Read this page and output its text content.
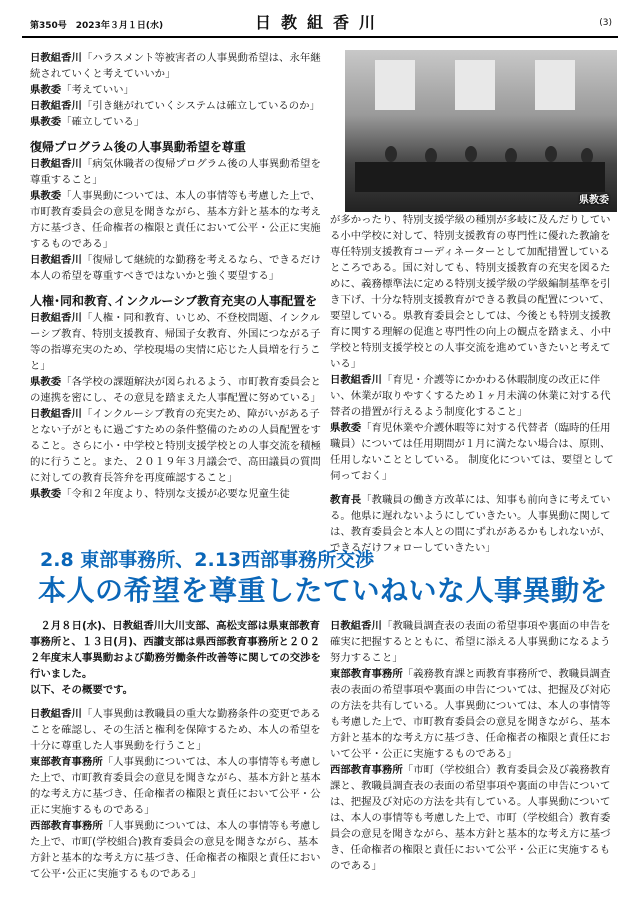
第350号　2023年３月１日(水)	日教組香川	(3)

日教組香川「ハラスメント等被害者の人事異動希望は、永年継続されていくと考えていいか」

県教委「考えていい」

日教組香川「引き継がれていくシステムは確立しているのか」

県教委「確立している」

復帰プログラム後の人事異動希望を尊重

日教組香川「病気休職者の復帰プログラム後の人事異動希望を尊重すること」

県教委「人事異動については、本人の事情等も考慮した上で、市町教育委員会の意見を聞きながら、基本方針と基本的な考え方に基づき、任命権者の権限と責任において公平・公正に実施するものである」

日教組香川「復帰して継続的な勤務を考えるなら、できるだけ本人の希望を尊重すべきではないかと強く要望する」

人権･同和教育､インクルーシブ教育充実の人事配置を

日教組香川「人権・同和教育、いじめ、不登校問題、インクルーシブ教育、特別支援教育、帰国子女教育、外国につながる子等の指導充実のため、学校現場の実情に応じた人員増を行うこと」

県教委「各学校の課題解決が図られるよう、市町教育委員会との連携を密にし、その意見を踏まえた人事配置に努めている」

日教組香川「インクルーシブ教育の充実ため、障がいがある子とない子がともに過ごすための条件整備のための人員配置をすること。さらに小・中学校と特別支援学校との人事交流を積極的に行うこと。また、２０１９年３月議会で、高田議員の質問に対しての教育長答弁を再度確認すること」

県教委「令和２年度より、特別な支援が必要な児童生徒

県教委

が多かったり、特別支援学級の種別が多岐に及んだりしている小中学校に対して、特別支援教育の専門性に優れた教諭を専任特別支援教育コーディネーターとして加配措置しているところである。国に対しても、特別支援教育の充実を図るために、義務標準法に定める特別支援学級の学級編制基準を引き下げ、十分な特別支援教育ができる教員の配置について、要望している。県教育委員会としては、今後とも特別支援教育に関する理解の促進と専門性の向上の観点を踏まえ、小中学校と特別支援学校との人事交流を進めていきたいと考えている」

日教組香川「育児・介護等にかかわる休暇制度の改正に伴い、休業が取りやすくするため１ヶ月未満の休業に対する代替者の措置が行えるよう制度化すること」

県教委「育児休業や介護休暇等に対する代替者（臨時的任用職員）については任用期間が１月に満たない場合は、原則、任用しないこととしている。 制度化については、要望として伺っておく」

教育長「教職員の働き方改革には、知事も前向きに考えている。他県に遅れないようにしていきたい。人事異動に関しては、教育委員会と本人との間にずれがあるかもしれないが、できるだけフォローしていきたい」

2.8 東部事務所、2.13西部事務所交渉
本人の希望を尊重したていねいな人事異動を

　２月８日(水)、日教組香川大川支部、高松支部は県東部教育事務所と、１３日(月)、西讃支部は県西部教育事務所と２０２２年度末人事異動および勤務労働条件改善等に関しての交渉を行いました。

以下、その概要です。

日教組香川「人事異動は教職員の重大な勤務条件の変更であることを確認し、その生活と権利を保障するため、本人の希望を十分に尊重した人事異動を行うこと」

東部教育事務所「人事異動については、本人の事情等も考慮した上で、市町教育委員会の意見を聞きながら、基本方針と基本的な考え方に基づき、任命権者の権限と責任において公平・公正に実施するものである」

西部教育事務所「人事異動については、本人の事情等も考慮した上で、市町(学校組合)教育委員会の意見を聞きながら、基本方針と基本的な考え方に基づき、任命権者の権限と責任において公平･公正に実施するものである」

日教組香川「教職員調査表の表面の希望事項や裏面の申告を確実に把握するとともに、希望に添える人事異動になるよう努力すること」

東部教育事務所「義務教育課と両教育事務所で、教職員調査表の表面の希望事項や裏面の申告については、把握及び対応の方法を共有している。人事異動については、本人の事情等も考慮した上で、市町教育委員会の意見を聞きながら、基本方針と基本的な考え方に基づき、任命権者の権限と責任において公平・公正に実施するものである」

西部教育事務所「市町（学校組合）教育委員会及び義務教育課と、教職員調査表の表面の希望事項や裏面の申告については、把握及び対応の方法を共有している。人事異動については、本人の事情等も考慮した上で、市町（学校組合）教育委員会の意見を聞きながら、基本方針と基本的な考え方に基づき、任命権者の権限と責任において公平・公正に実施するものである」
